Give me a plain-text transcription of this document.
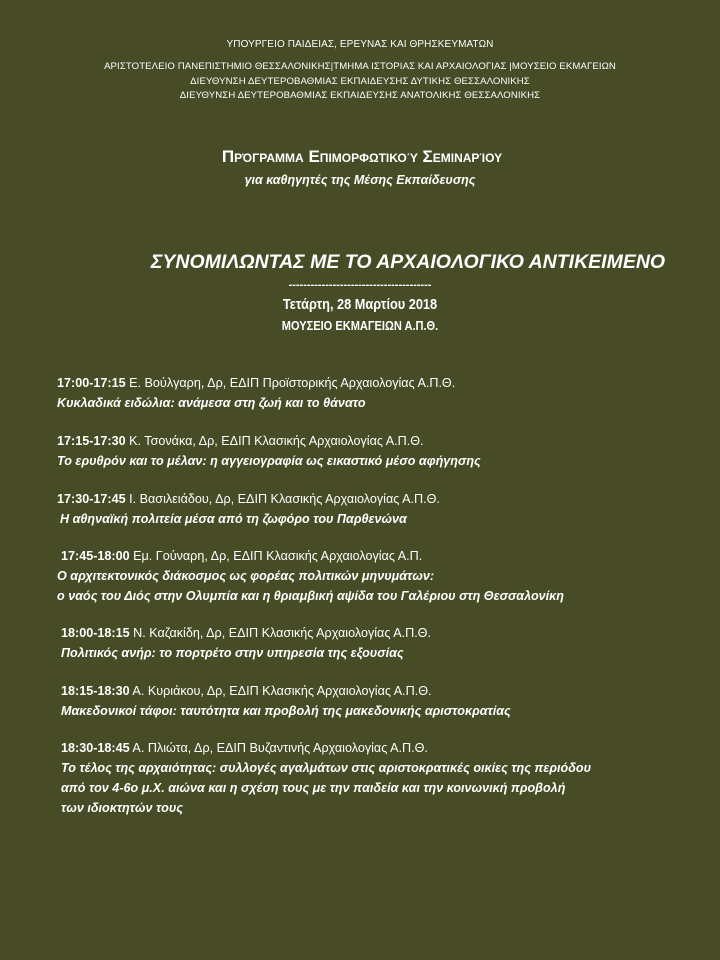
ΥΠΟΥΡΓΕΙΟ ΠΑΙΔΕΙΑΣ, ΕΡΕΥΝΑΣ ΚΑΙ ΘΡΗΣΚΕΥΜΑΤΩΝ
ΑΡΙΣΤΟΤΕΛΕΙΟ ΠΑΝΕΠΙΣΤΗΜΙΟ ΘΕΣΣΑΛΟΝΙΚΗΣ|ΤΜΗΜΑ ΙΣΤΟΡΙΑΣ ΚΑΙ ΑΡΧΑΙΟΛΟΓΙΑΣ |ΜΟΥΣΕΙΟ ΕΚΜΑΓΕΙΩΝ
ΔΙΕΥΘΥΝΣΗ ΔΕΥΤΕΡΟΒΑΘΜΙΑΣ ΕΚΠΑΙΔΕΥΣΗΣ ΔΥΤΙΚΗΣ ΘΕΣΣΑΛΟΝΙΚΗΣ
ΔΙΕΥΘΥΝΣΗ ΔΕΥΤΕΡΟΒΑΘΜΙΑΣ ΕΚΠΑΙΔΕΥΣΗΣ ΑΝΑΤΟΛΙΚΗΣ ΘΕΣΣΑΛΟΝΙΚΗΣ
Πρόγραμμα Επιμορφωτικού Σεμιναρίου
για καθηγητές της Μέσης Εκπαίδευσης
ΣΥΝΟΜΙΛΩΝΤΑΣ ΜΕ ΤΟ ΑΡΧΑΙΟΛΟΓΙΚΟ ΑΝΤΙΚΕΙΜΕΝΟ
---------------------------------------
Τετάρτη, 28 Μαρτίου 2018
ΜΟΥΣΕΙΟ ΕΚΜΑΓΕΙΩΝ Α.Π.Θ.
17:00-17:15 Ε. Βούλγαρη, Δρ, ΕΔΙΠ Προϊστορικής Αρχαιολογίας Α.Π.Θ.
Κυκλαδικά ειδώλια: ανάμεσα στη ζωή και το θάνατο
17:15-17:30 Κ. Τσονάκα, Δρ, ΕΔΙΠ Κλασικής Αρχαιολογίας Α.Π.Θ.
Το ερυθρόν και το μέλαν: η αγγειογραφία ως εικαστικό μέσο αφήγησης
17:30-17:45 Ι. Βασιλειάδου, Δρ, ΕΔΙΠ Κλασικής Αρχαιολογίας Α.Π.Θ.
Η αθηναϊκή πολιτεία μέσα από τη ζωφόρο του Παρθενώνα
17:45-18:00 Εμ. Γούναρη, Δρ, ΕΔΙΠ Κλασικής Αρχαιολογίας Α.Π.
Ο αρχιτεκτονικός διάκοσμος ως φορέας πολιτικών μηνυμάτων:
ο ναός του Διός στην Ολυμπία και η θριαμβική αψίδα του Γαλέριου στη Θεσσαλονίκη
18:00-18:15 Ν. Καζακίδη, Δρ, ΕΔΙΠ Κλασικής Αρχαιολογίας Α.Π.Θ.
Πολιτικός ανήρ: το πορτρέτο στην υπηρεσία της εξουσίας
18:15-18:30 Α. Κυριάκου, Δρ, ΕΔΙΠ Κλασικής Αρχαιολογίας Α.Π.Θ.
Μακεδονικοί τάφοι: ταυτότητα και προβολή της μακεδονικής αριστοκρατίας
18:30-18:45 Α. Πλιώτα, Δρ, ΕΔΙΠ Βυζαντινής Αρχαιολογίας Α.Π.Θ.
Το τέλος της αρχαιότητας: συλλογές αγαλμάτων στις αριστοκρατικές οικίες της περιόδου
από τον 4-6ο μ.Χ. αιώνα και η σχέση τους με την παιδεία και την κοινωνική προβολή
των ιδιοκτητών τους
